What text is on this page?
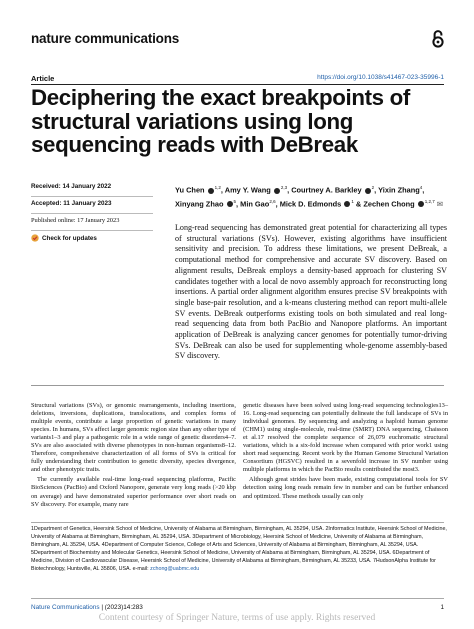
nature communications
Article	https://doi.org/10.1038/s41467-023-35996-1
Deciphering the exact breakpoints of structural variations using long sequencing reads with DeBreak
Received: 14 January 2022
Accepted: 11 January 2023
Published online: 17 January 2023
Check for updates
Yu Chen $^{1,2}$, Amy Y. Wang $^{2,3}$, Courtney A. Barkley $^2$, Yixin Zhang$^4$, Xinyang Zhao $^5$, Min Gao$^{2,6}$, Mick D. Edmonds $^1$ & Zechen Chong $^{1,2,7}$ ✉

Long-read sequencing has demonstrated great potential for characterizing all types of structural variations (SVs). However, existing algorithms have insufficient sensitivity and precision. To address these limitations, we present DeBreak, a computational method for comprehensive and accurate SV discovery. Based on alignment results, DeBreak employs a density-based approach for clustering SV candidates together with a local de novo assembly approach for reconstructing long insertions. A partial order alignment algorithm ensures precise SV breakpoints with single base-pair resolution, and a k-means clustering method can report multi-allele SV events. DeBreak outperforms existing tools on both simulated and real long-read sequencing data from both PacBio and Nanopore platforms. An important application of DeBreak is analyzing cancer genomes for potentially tumor-driving SVs. DeBreak can also be used for supplementing whole-genome assembly-based SV discovery.

Structural variations (SVs), or genomic rearrangements, including insertions, deletions, inversions, duplications, translocations, and complex forms of multiple events, contribute a large proportion of genetic variations in many species. In humans, SVs affect larger genomic region size than any other type of variants1–3 and play a pathogenic role in a wide range of genetic disorders4–7. SVs are also associated with diverse phenotypes in non-human organisms8–12. Therefore, comprehensive characterization of all forms of SVs is critical for fully understanding their contribution to genetic diversity, species divergence, and other phenotypic traits.

The currently available real-time long-read sequencing platforms, Pacific BioSciences (PacBio) and Oxford Nanopore, generate very long reads (>20 kbp on average) and have demonstrated superior performance over short reads on SV discovery. For example, many rare

genetic diseases have been solved using long-read sequencing technologies13–16. Long-read sequencing can potentially delineate the full landscape of SVs in individual genomes. By sequencing and analyzing a haploid human genome (CHM1) using single-molecule, real-time (SMRT) DNA sequencing, Chaisson et al.17 resolved the complete sequence of 26,079 euchromatic structural variations, which is a six-fold increase when compared with prior work1 using short read sequencing. Recent work by the Human Genome Structural Variation Consortium (HGSVC) resulted in a sevenfold increase in SV number using multiple platforms in which the PacBio results contributed the most3.

Although great strides have been made, existing computational tools for SV detection using long reads remain few in number and can be further enhanced and optimized. These methods usually can only

1Department of Genetics, Heersink School of Medicine, University of Alabama at Birmingham, Birmingham, AL 35294, USA. 2Informatics Institute, Heersink School of Medicine, University of Alabama at Birmingham, Birmingham, AL 35294, USA. 3Department of Microbiology, Heersink School of Medicine, University of Alabama at Birmingham, Birmingham, AL 35294, USA. 4Department of Computer Science, College of Arts and Sciences, University of Alabama at Birmingham, Birmingham, AL 35294, USA. 5Department of Biochemistry and Molecular Genetics, Heersink School of Medicine, University of Alabama at Birmingham, Birmingham, AL 35294, USA. 6Department of Medicine, Division of Cardiovascular Disease, Heersink School of Medicine, University of Alabama at Birmingham, Birmingham, AL 35233, USA. 7HudsonAlpha Institute for Biotechnology, Huntsville, AL 35806, USA. e-mail: zchong@uabmc.edu
Nature Communications | (2023)14:283	1
Content courtesy of Springer Nature, terms of use apply. Rights reserved
